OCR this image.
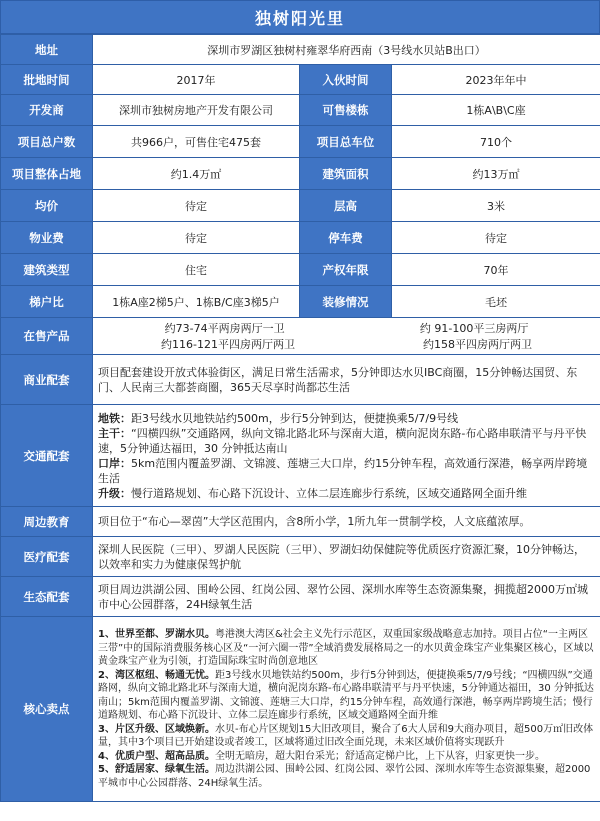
独树阳光里
地址	深圳市罗湖区独树村雍翠华府西南（3号线水贝站B出口）		
批地时间	2017年	入伙时间	2023年年中
开发商	深圳市独树房地产开发有限公司	可售楼栋	1栋A\B\C座
项目总户数	共966户，可售住宅475套	项目总车位	710个
项目整体占地	约1.4万㎡	建筑面积	约13万㎡
均价	待定	层高	3米
物业费	待定	停车费	待定
建筑类型	住宅	产权年限	70年
梯户比	1栋A座2梯5户、1栋B/C座3梯5户	装修情况	毛坯
在售产品	约73-74平两房两厅一卫 约 91-100平三房两厅
约116-121平四房两厅两卫 约158平四房两厅两卫		

商业配套	项目配套建设开放式体验街区，满足日常生活需求，5分钟即达水贝IBC商圈，15分钟畅达国贸、东门、人民南三大都荟商圈，365天尽享时尚都芯生活		
交通配套	地铁：距3号线水贝地铁站约500m，步行5分钟到达，便捷换乘5/7/9号线
主干：“四横四纵”交通路网，纵向文锦北路北环与深南大道，横向泥岗东路-布心路串联清平与丹平快速，5分钟通达福田，30 分钟抵达南山
口岸：5km范围内覆盖罗湖、文锦渡、莲塘三大口岸，约15分钟车程，高效通行深港，畅享两岸跨境生活
升级：慢行道路规划、布心路下沉设计、立体二层连廊步行系统，区域交通路网全面升维		

周边教育	项目位于“布心—翠茵”大学区范围内，含8所小学，1所九年一贯制学校，人文底蕴浓厚。		
医疗配套	深圳人民医院（三甲）、罗湖人民医院（三甲）、罗湖妇幼保健院等优质医疗资源汇聚，10分钟畅达，以效率和实力为健康保驾护航		
生态配套	项目周边洪湖公园、围岭公园、红岗公园、翠竹公园、深圳水库等生态资源集聚，拥揽超2000万㎡城市中心公园群落，24H绿氧生活		
核心卖点	1、世界至都、罗湖水贝。粤港澳大湾区&社会主义先行示范区，双重国家级战略意志加持。项目占位“一主两区三带”中的国际消费服务核心区及“一河六圈一带”全域消费发展格局之一的水贝黄金珠宝产业集聚区核心，区域以黄金珠宝产业为引领，打造国际珠宝时尚创意地区
2、湾区枢纽、畅通无忧。距3号线水贝地铁站约500m，步行5分钟到达，便捷换乘5/7/9号线；“四横四纵”交通路网，纵向文锦北路北环与深南大道，横向泥岗东路-布心路串联清平与丹平快速，5分钟通达福田，30 分钟抵达南山；5km范围内覆盖罗湖、文锦渡、莲塘三大口岸，约15分钟车程，高效通行深港，畅享两岸跨境生活；慢行道路规划、布心路下沉设计、立体二层连廊步行系统，区域交通路网全面升维
3、片区升级、区域焕新。水贝-布心片区规划15大旧改项目，聚合了6大人居和9大商办项目，超500万㎡旧改体量，其中3个项目已开始建设或者竣工，区域将通过旧改全面兑现，未来区域价值将实现跃升
4、优质户型、超高品质。全明无暗房，超大阳台采光；舒适高定梯户比，上下从容，归家更快一步。
5、舒适居家、绿氧生活。周边洪湖公园、围岭公园、红岗公园、翠竹公园、深圳水库等生态资源集聚，超2000平城市中心公园群落、24H绿氧生活。		
